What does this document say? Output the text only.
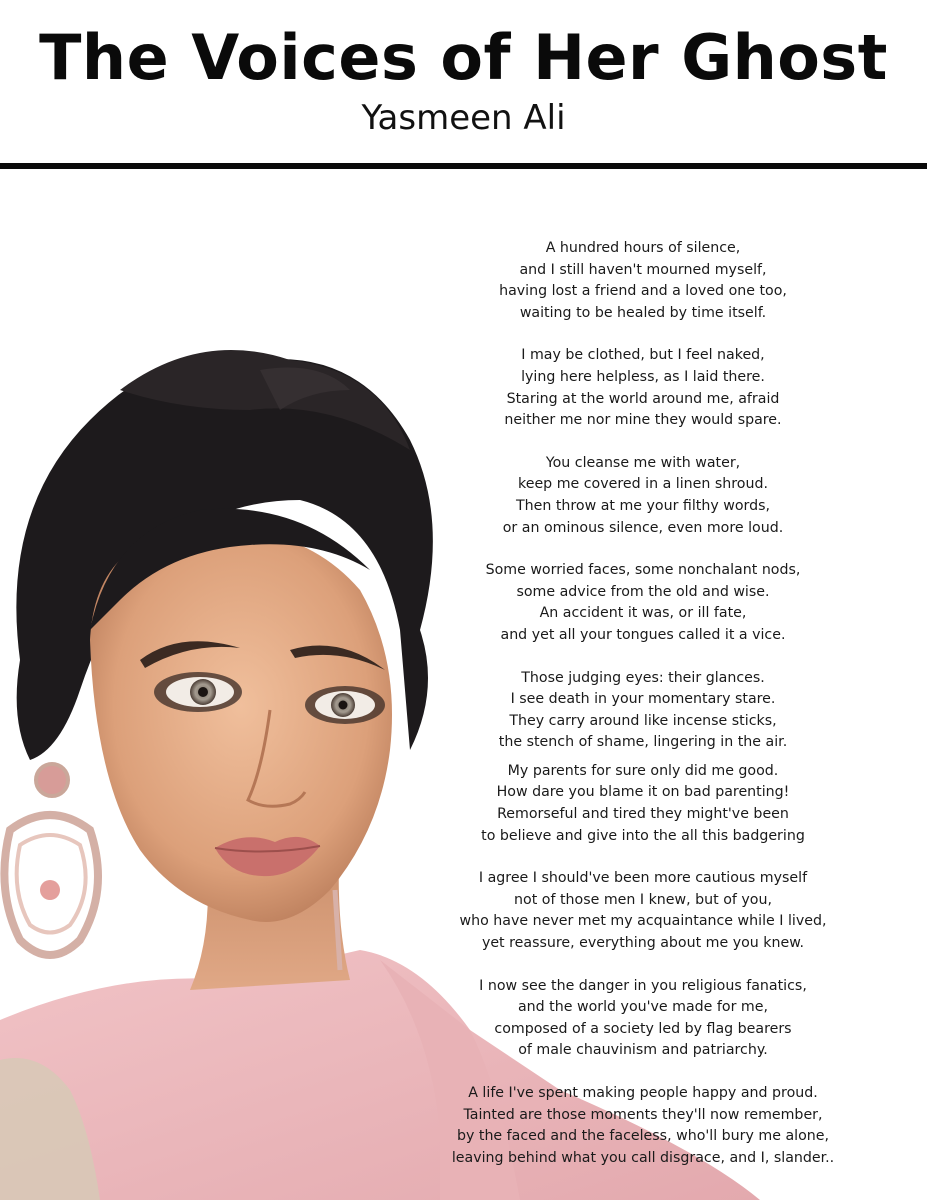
The Voices of Her Ghost
Yasmeen Ali
A hundred hours of silence,
and I still haven't mourned myself,
having lost a friend and a loved one too,
waiting to be healed by time itself.
I may be clothed, but I feel naked,
lying here helpless, as I laid there.
Staring at the world around me, afraid
neither me nor mine they would spare.
You cleanse me with water,
keep me covered in a linen shroud.
Then throw at me your filthy words,
or an ominous silence, even more loud.
Some worried faces, some nonchalant nods,
some advice from the old and wise.
An accident it was, or ill fate,
and yet all your tongues called it a vice.
Those judging eyes: their glances.
I see death in your momentary stare.
They carry around like incense sticks,
the stench of shame, lingering in the air.
My parents for sure only did me good.
How dare you blame it on bad parenting!
Remorseful and tired they might've been
to believe and give into the all this badgering
I agree I should've been more cautious myself
not of those men I knew, but of you,
who have never met my acquaintance while I lived,
yet reassure, everything about me you knew.
I now see the danger in you religious fanatics,
and the world you've made for me,
composed of a society led by flag bearers
of male chauvinism and patriarchy.
A life I've spent making people happy and proud.
Tainted are those moments they'll now remember,
by the faced and the faceless, who'll bury me alone,
leaving behind what you call disgrace, and I, slander..
